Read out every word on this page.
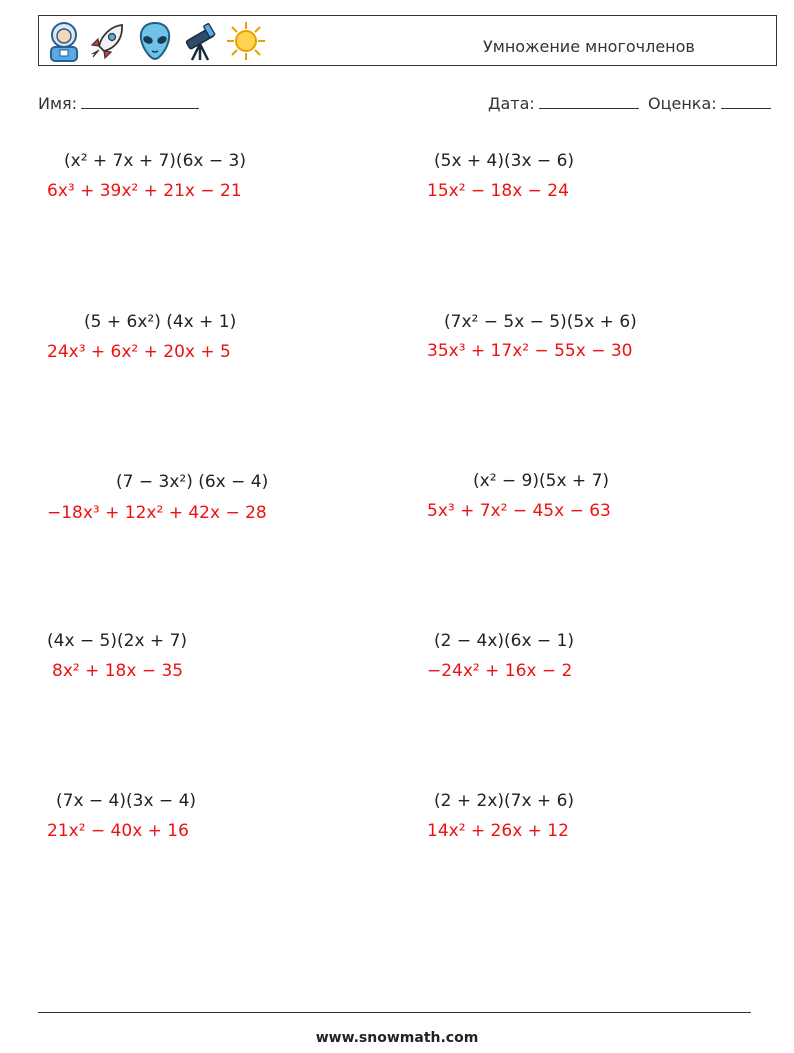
Умножение многочленов
Имя:	Дата:	Оценка:
(x² + 7x + 7)(6x − 3)
6x³ + 39x² + 21x − 21
(5x + 4)(3x − 6)
15x² − 18x − 24
(5 + 6x²) (4x + 1)
24x³ + 6x² + 20x + 5
(7x² − 5x − 5)(5x + 6)
35x³ + 17x² − 55x − 30
(7 − 3x²) (6x − 4)
−18x³ + 12x² + 42x − 28
(x² − 9)(5x + 7)
5x³ + 7x² − 45x − 63
(4x − 5)(2x + 7)
8x² + 18x − 35
(2 − 4x)(6x − 1)
−24x² + 16x − 2
(7x − 4)(3x − 4)
21x² − 40x + 16
(2 + 2x)(7x + 6)
14x² + 26x + 12
www.snowmath.com
